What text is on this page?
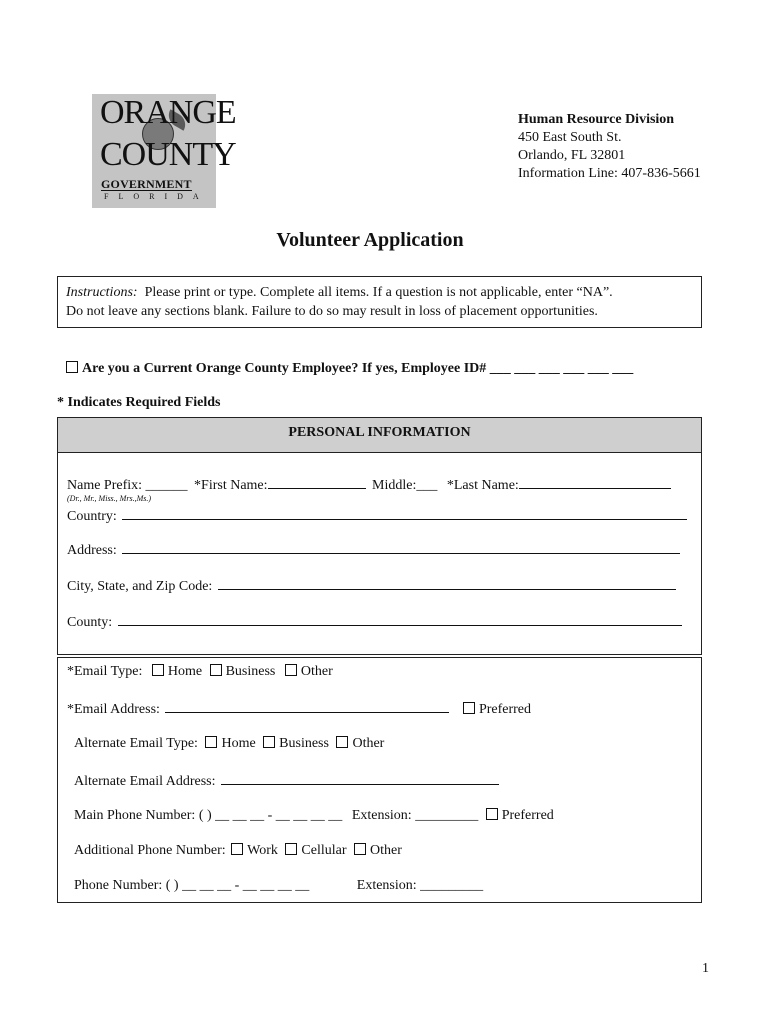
ORANGE
COUNTY
GOVERNMENT
FLORIDA
Human Resource Division
450 East South St.
Orlando, FL 32801
Information Line: 407-836-5661
Volunteer Application
Instructions: Please print or type. Complete all items. If a question is not applicable, enter “NA”.
Do not leave any sections blank. Failure to do so may result in loss of placement opportunities.
Are you a Current Orange County Employee? If yes, Employee ID# ___ ___ ___ ___ ___ ___
* Indicates Required Fields
PERSONAL INFORMATION
Name Prefix: ______ *First Name:	Middle:___ *Last Name:
(Dr., Mr., Miss., Mrs.,Ms.)
Country:
Address:
City, State, and Zip Code:
County:
*Email Type: Home Business Other
*Email Address:	Preferred
Alternate Email Type: Home Business Other
Alternate Email Address:
Main Phone Number: ( ) __ __ __ - __ __ __ __ Extension: _________ Preferred
Additional Phone Number: Work Cellular Other
Phone Number: ( ) __ __ __ - __ __ __ __	Extension: _________
1
